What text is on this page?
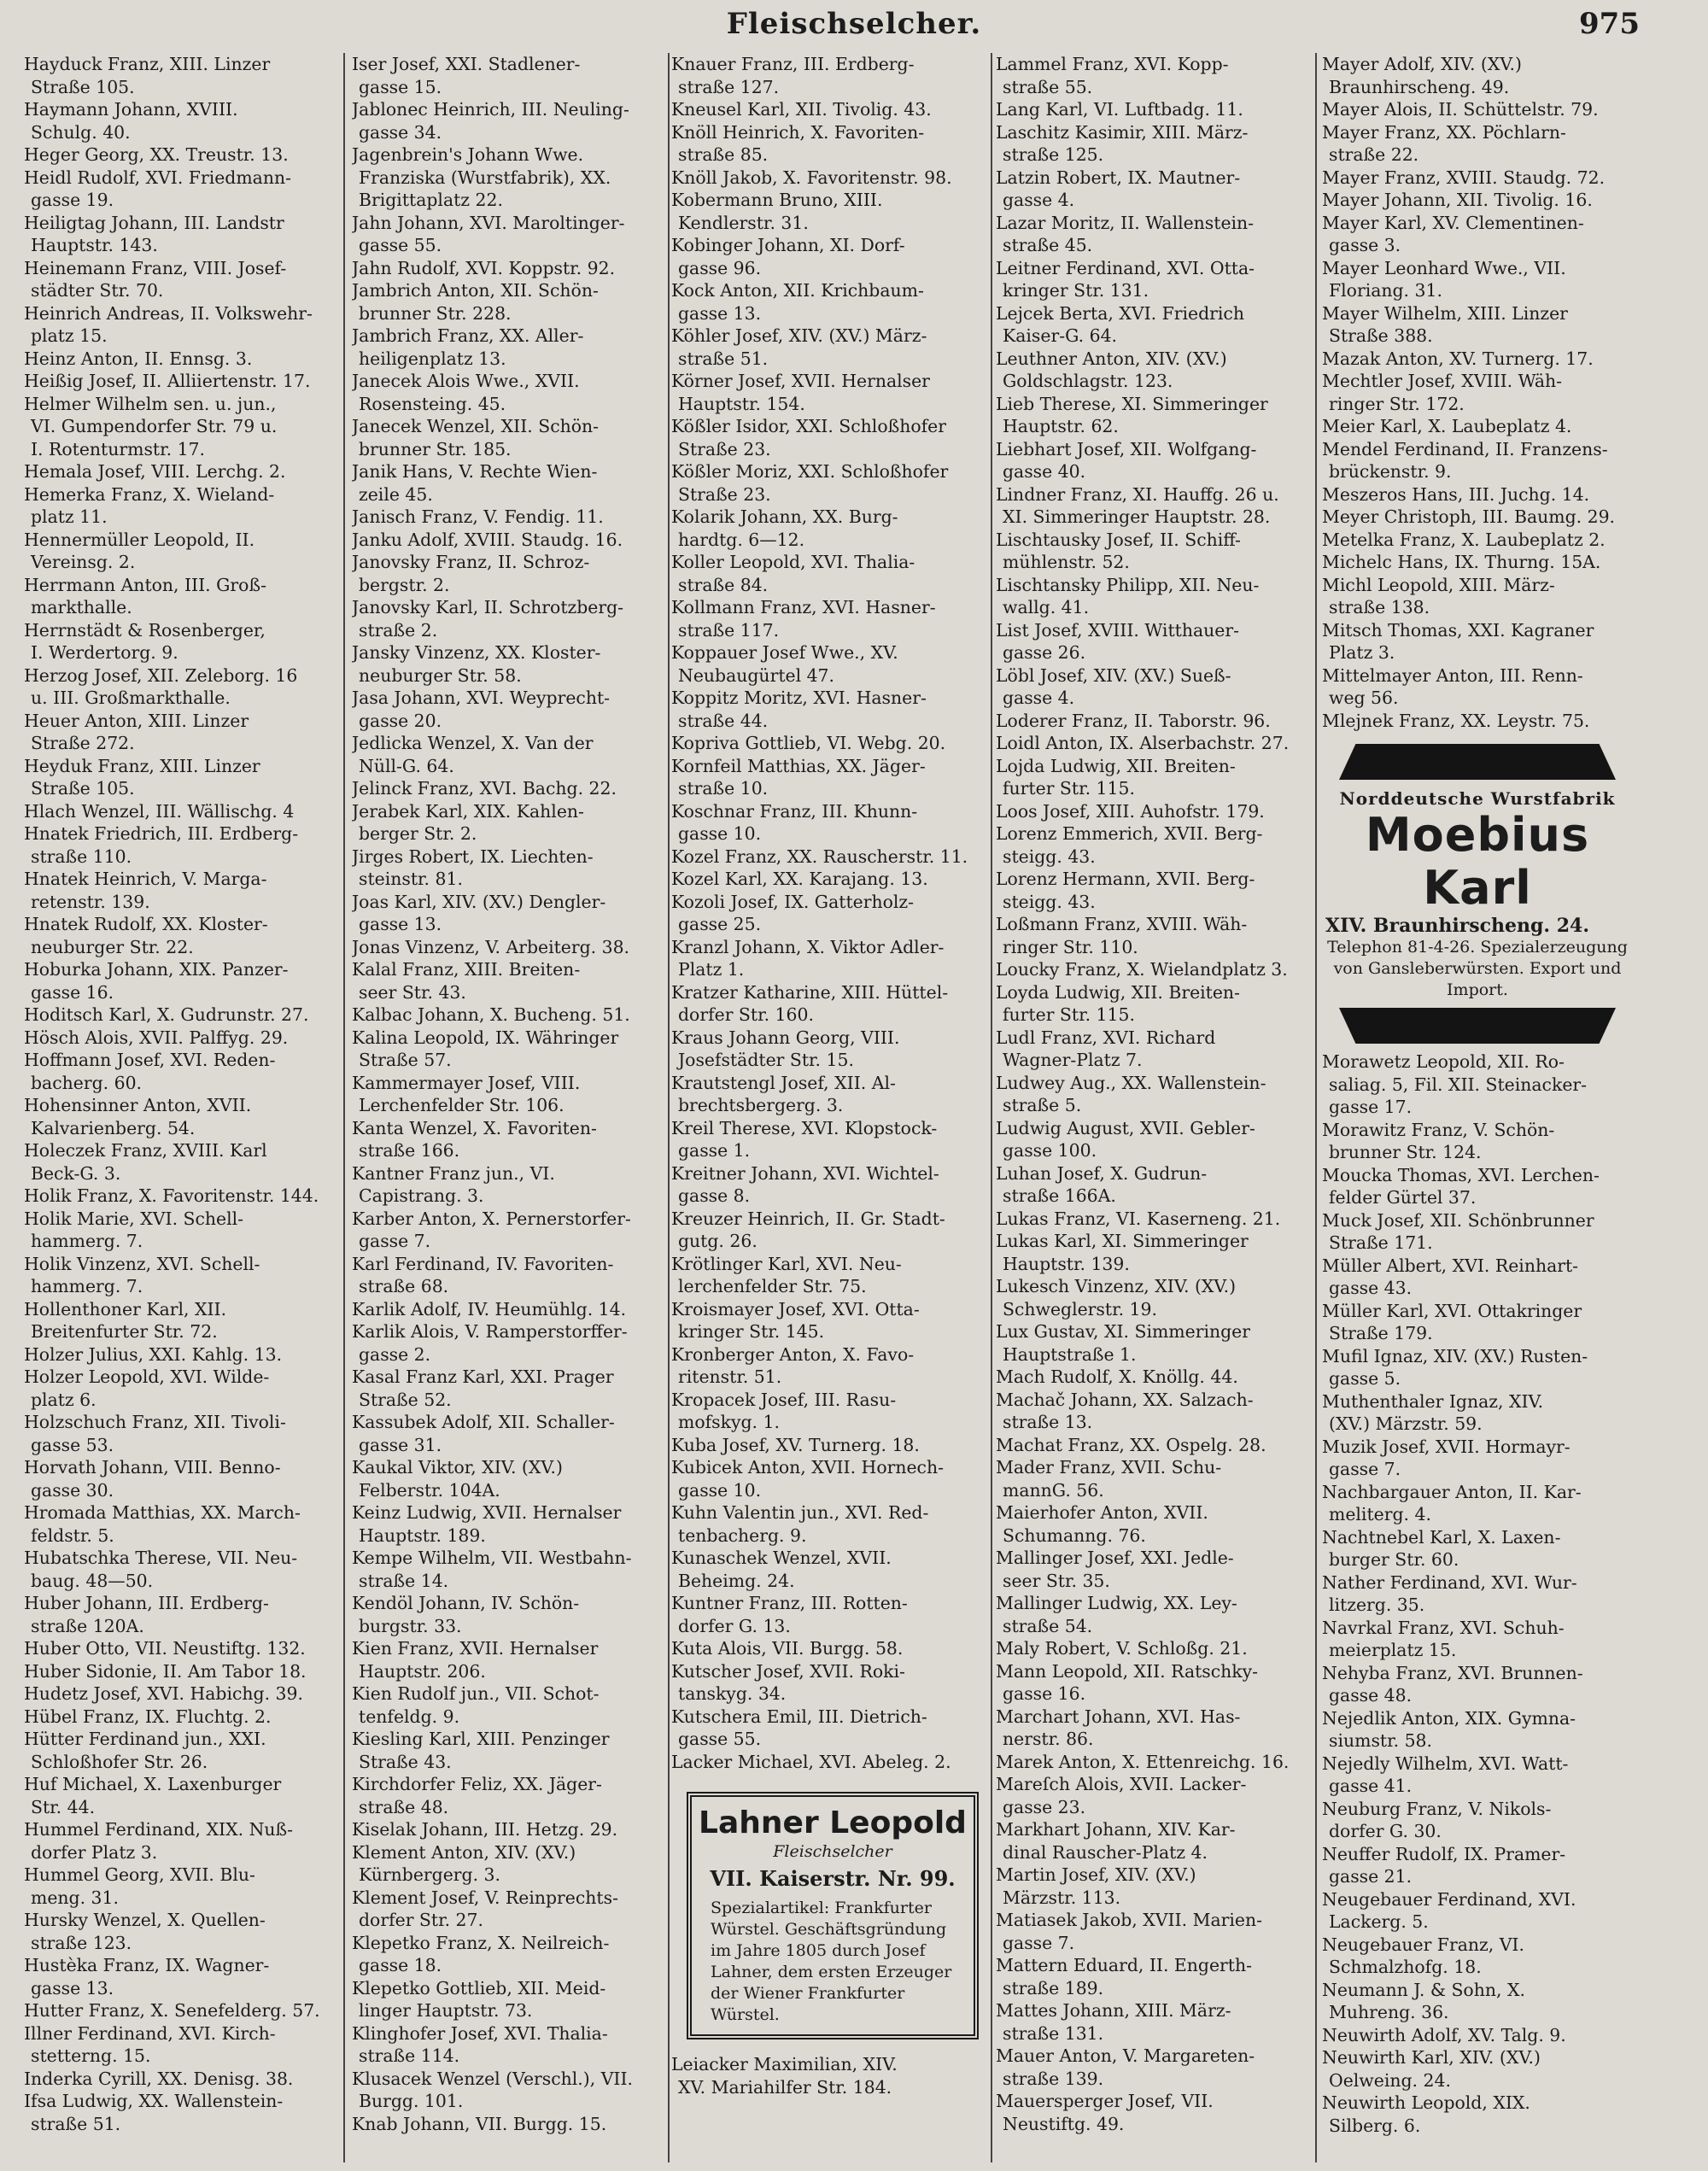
Fleischselcher.	975
Hayduck Franz, XIII. Linzer
Straße 105.
Haymann Johann, XVIII.
Schulg. 40.
Heger Georg, XX. Treustr. 13.
Heidl Rudolf, XVI. Friedmann-
gasse 19.
Heiligtag Johann, III. Landstr
Hauptstr. 143.
Heinemann Franz, VIII. Josef-
städter Str. 70.
Heinrich Andreas, II. Volkswehr-
platz 15.
Heinz Anton, II. Ennsg. 3.
Heißig Josef, II. Alliiertenstr. 17.
Helmer Wilhelm sen. u. jun.,
VI. Gumpendorfer Str. 79 u.
I. Rotenturmstr. 17.
Hemala Josef, VIII. Lerchg. 2.
Hemerka Franz, X. Wieland-
platz 11.
Hennermüller Leopold, II.
Vereinsg. 2.
Herrmann Anton, III. Groß-
markthalle.
Herrnstädt & Rosenberger,
I. Werdertorg. 9.
Herzog Josef, XII. Zeleborg. 16
u. III. Großmarkthalle.
Heuer Anton, XIII. Linzer
Straße 272.
Heyduk Franz, XIII. Linzer
Straße 105.
Hlach Wenzel, III. Wällischg. 4
Hnatek Friedrich, III. Erdberg-
straße 110.
Hnatek Heinrich, V. Marga-
retenstr. 139.
Hnatek Rudolf, XX. Kloster-
neuburger Str. 22.
Hoburka Johann, XIX. Panzer-
gasse 16.
Hoditsch Karl, X. Gudrunstr. 27.
Hösch Alois, XVII. Palffyg. 29.
Hoffmann Josef, XVI. Reden-
bacherg. 60.
Hohensinner Anton, XVII.
Kalvarienberg. 54.
Holeczek Franz, XVIII. Karl
Beck-G. 3.
Holik Franz, X. Favoritenstr. 144.
Holik Marie, XVI. Schell-
hammerg. 7.
Holik Vinzenz, XVI. Schell-
hammerg. 7.
Hollenthoner Karl, XII.
Breitenfurter Str. 72.
Holzer Julius, XXI. Kahlg. 13.
Holzer Leopold, XVI. Wilde-
platz 6.
Holzschuch Franz, XII. Tivoli-
gasse 53.
Horvath Johann, VIII. Benno-
gasse 30.
Hromada Matthias, XX. March-
feldstr. 5.
Hubatschka Therese, VII. Neu-
baug. 48—50.
Huber Johann, III. Erdberg-
straße 120A.
Huber Otto, VII. Neustiftg. 132.
Huber Sidonie, II. Am Tabor 18.
Hudetz Josef, XVI. Habichg. 39.
Hübel Franz, IX. Fluchtg. 2.
Hütter Ferdinand jun., XXI.
Schloßhofer Str. 26.
Huf Michael, X. Laxenburger
Str. 44.
Hummel Ferdinand, XIX. Nuß-
dorfer Platz 3.
Hummel Georg, XVII. Blu-
meng. 31.
Hursky Wenzel, X. Quellen-
straße 123.
Hustèka Franz, IX. Wagner-
gasse 13.
Hutter Franz, X. Senefelderg. 57.
Illner Ferdinand, XVI. Kirch-
stetterng. 15.
Inderka Cyrill, XX. Denisg. 38.
Ifsa Ludwig, XX. Wallenstein-
straße 51.
Iser Josef, XXI. Stadlener-
gasse 15.
Jablonec Heinrich, III. Neuling-
gasse 34.
Jagenbrein's Johann Wwe.
Franziska (Wurstfabrik), XX.
Brigittaplatz 22.
Jahn Johann, XVI. Maroltinger-
gasse 55.
Jahn Rudolf, XVI. Koppstr. 92.
Jambrich Anton, XII. Schön-
brunner Str. 228.
Jambrich Franz, XX. Aller-
heiligenplatz 13.
Janecek Alois Wwe., XVII.
Rosensteing. 45.
Janecek Wenzel, XII. Schön-
brunner Str. 185.
Janik Hans, V. Rechte Wien-
zeile 45.
Janisch Franz, V. Fendig. 11.
Janku Adolf, XVIII. Staudg. 16.
Janovsky Franz, II. Schroz-
bergstr. 2.
Janovsky Karl, II. Schrotzberg-
straße 2.
Jansky Vinzenz, XX. Kloster-
neuburger Str. 58.
Jasa Johann, XVI. Weyprecht-
gasse 20.
Jedlicka Wenzel, X. Van der
Nüll-G. 64.
Jelinck Franz, XVI. Bachg. 22.
Jerabek Karl, XIX. Kahlen-
berger Str. 2.
Jirges Robert, IX. Liechten-
steinstr. 81.
Joas Karl, XIV. (XV.) Dengler-
gasse 13.
Jonas Vinzenz, V. Arbeiterg. 38.
Kalal Franz, XIII. Breiten-
seer Str. 43.
Kalbac Johann, X. Bucheng. 51.
Kalina Leopold, IX. Währinger
Straße 57.
Kammermayer Josef, VIII.
Lerchenfelder Str. 106.
Kanta Wenzel, X. Favoriten-
straße 166.
Kantner Franz jun., VI.
Capistrang. 3.
Karber Anton, X. Pernerstorfer-
gasse 7.
Karl Ferdinand, IV. Favoriten-
straße 68.
Karlik Adolf, IV. Heumühlg. 14.
Karlik Alois, V. Ramperstorffer-
gasse 2.
Kasal Franz Karl, XXI. Prager
Straße 52.
Kassubek Adolf, XII. Schaller-
gasse 31.
Kaukal Viktor, XIV. (XV.)
Felberstr. 104A.
Keinz Ludwig, XVII. Hernalser
Hauptstr. 189.
Kempe Wilhelm, VII. Westbahn-
straße 14.
Kendöl Johann, IV. Schön-
burgstr. 33.
Kien Franz, XVII. Hernalser
Hauptstr. 206.
Kien Rudolf jun., VII. Schot-
tenfeldg. 9.
Kiesling Karl, XIII. Penzinger
Straße 43.
Kirchdorfer Feliz, XX. Jäger-
straße 48.
Kiselak Johann, III. Hetzg. 29.
Klement Anton, XIV. (XV.)
Kürnbergerg. 3.
Klement Josef, V. Reinprechts-
dorfer Str. 27.
Klepetko Franz, X. Neilreich-
gasse 18.
Klepetko Gottlieb, XII. Meid-
linger Hauptstr. 73.
Klinghofer Josef, XVI. Thalia-
straße 114.
Klusacek Wenzel (Verschl.), VII.
Burgg. 101.
Knab Johann, VII. Burgg. 15.
Knauer Franz, III. Erdberg-
straße 127.
Kneusel Karl, XII. Tivolig. 43.
Knöll Heinrich, X. Favoriten-
straße 85.
Knöll Jakob, X. Favoritenstr. 98.
Kobermann Bruno, XIII.
Kendlerstr. 31.
Kobinger Johann, XI. Dorf-
gasse 96.
Kock Anton, XII. Krichbaum-
gasse 13.
Köhler Josef, XIV. (XV.) März-
straße 51.
Körner Josef, XVII. Hernalser
Hauptstr. 154.
Kößler Isidor, XXI. Schloßhofer
Straße 23.
Kößler Moriz, XXI. Schloßhofer
Straße 23.
Kolarik Johann, XX. Burg-
hardtg. 6—12.
Koller Leopold, XVI. Thalia-
straße 84.
Kollmann Franz, XVI. Hasner-
straße 117.
Koppauer Josef Wwe., XV.
Neubaugürtel 47.
Koppitz Moritz, XVI. Hasner-
straße 44.
Kopriva Gottlieb, VI. Webg. 20.
Kornfeil Matthias, XX. Jäger-
straße 10.
Koschnar Franz, III. Khunn-
gasse 10.
Kozel Franz, XX. Rauscherstr. 11.
Kozel Karl, XX. Karajang. 13.
Kozoli Josef, IX. Gatterholz-
gasse 25.
Kranzl Johann, X. Viktor Adler-
Platz 1.
Kratzer Katharine, XIII. Hüttel-
dorfer Str. 160.
Kraus Johann Georg, VIII.
Josefstädter Str. 15.
Krautstengl Josef, XII. Al-
brechtsbergerg. 3.
Kreil Therese, XVI. Klopstock-
gasse 1.
Kreitner Johann, XVI. Wichtel-
gasse 8.
Kreuzer Heinrich, II. Gr. Stadt-
gutg. 26.
Krötlinger Karl, XVI. Neu-
lerchenfelder Str. 75.
Kroismayer Josef, XVI. Otta-
kringer Str. 145.
Kronberger Anton, X. Favo-
ritenstr. 51.
Kropacek Josef, III. Rasu-
mofskyg. 1.
Kuba Josef, XV. Turnerg. 18.
Kubicek Anton, XVII. Hornech-
gasse 10.
Kuhn Valentin jun., XVI. Red-
tenbacherg. 9.
Kunaschek Wenzel, XVII.
Beheimg. 24.
Kuntner Franz, III. Rotten-
dorfer G. 13.
Kuta Alois, VII. Burgg. 58.
Kutscher Josef, XVII. Roki-
tanskyg. 34.
Kutschera Emil, III. Dietrich-
gasse 55.
Lacker Michael, XVI. Abeleg. 2.
Lahner Leopold
Fleischselcher
VII. Kaiserstr. Nr. 99.
Spezialartikel: Frankfurter Würstel. Geschäftsgründung im Jahre 1805 durch Josef Lahner, dem ersten Erzeuger der Wiener Frankfurter Würstel.
Leiacker Maximilian, XIV.
XV. Mariahilfer Str. 184.
Lammel Franz, XVI. Kopp-
straße 55.
Lang Karl, VI. Luftbadg. 11.
Laschitz Kasimir, XIII. März-
straße 125.
Latzin Robert, IX. Mautner-
gasse 4.
Lazar Moritz, II. Wallenstein-
straße 45.
Leitner Ferdinand, XVI. Otta-
kringer Str. 131.
Lejcek Berta, XVI. Friedrich
Kaiser-G. 64.
Leuthner Anton, XIV. (XV.)
Goldschlagstr. 123.
Lieb Therese, XI. Simmeringer
Hauptstr. 62.
Liebhart Josef, XII. Wolfgang-
gasse 40.
Lindner Franz, XI. Hauffg. 26 u.
XI. Simmeringer Hauptstr. 28.
Lischtausky Josef, II. Schiff-
mühlenstr. 52.
Lischtansky Philipp, XII. Neu-
wallg. 41.
List Josef, XVIII. Witthauer-
gasse 26.
Löbl Josef, XIV. (XV.) Sueß-
gasse 4.
Loderer Franz, II. Taborstr. 96.
Loidl Anton, IX. Alserbachstr. 27.
Lojda Ludwig, XII. Breiten-
furter Str. 115.
Loos Josef, XIII. Auhofstr. 179.
Lorenz Emmerich, XVII. Berg-
steigg. 43.
Lorenz Hermann, XVII. Berg-
steigg. 43.
Loßmann Franz, XVIII. Wäh-
ringer Str. 110.
Loucky Franz, X. Wielandplatz 3.
Loyda Ludwig, XII. Breiten-
furter Str. 115.
Ludl Franz, XVI. Richard
Wagner-Platz 7.
Ludwey Aug., XX. Wallenstein-
straße 5.
Ludwig August, XVII. Gebler-
gasse 100.
Luhan Josef, X. Gudrun-
straße 166A.
Lukas Franz, VI. Kaserneng. 21.
Lukas Karl, XI. Simmeringer
Hauptstr. 139.
Lukesch Vinzenz, XIV. (XV.)
Schweglerstr. 19.
Lux Gustav, XI. Simmeringer
Hauptstraße 1.
Mach Rudolf, X. Knöllg. 44.
Machač Johann, XX. Salzach-
straße 13.
Machat Franz, XX. Ospelg. 28.
Mader Franz, XVII. Schu-
mannG. 56.
Maierhofer Anton, XVII.
Schumanng. 76.
Mallinger Josef, XXI. Jedle-
seer Str. 35.
Mallinger Ludwig, XX. Ley-
straße 54.
Maly Robert, V. Schloßg. 21.
Mann Leopold, XII. Ratschky-
gasse 16.
Marchart Johann, XVI. Has-
nerstr. 86.
Marek Anton, X. Ettenreichg. 16.
Mareſch Alois, XVII. Lacker-
gasse 23.
Markhart Johann, XIV. Kar-
dinal Rauscher-Platz 4.
Martin Josef, XIV. (XV.)
Märzstr. 113.
Matiasek Jakob, XVII. Marien-
gasse 7.
Mattern Eduard, II. Engerth-
straße 189.
Mattes Johann, XIII. März-
straße 131.
Mauer Anton, V. Margareten-
straße 139.
Mauersperger Josef, VII.
Neustiftg. 49.
Mayer Adolf, XIV. (XV.)
Braunhirscheng. 49.
Mayer Alois, II. Schüttelstr. 79.
Mayer Franz, XX. Pöchlarn-
straße 22.
Mayer Franz, XVIII. Staudg. 72.
Mayer Johann, XII. Tivolig. 16.
Mayer Karl, XV. Clementinen-
gasse 3.
Mayer Leonhard Wwe., VII.
Floriang. 31.
Mayer Wilhelm, XIII. Linzer
Straße 388.
Mazak Anton, XV. Turnerg. 17.
Mechtler Josef, XVIII. Wäh-
ringer Str. 172.
Meier Karl, X. Laubeplatz 4.
Mendel Ferdinand, II. Franzens-
brückenstr. 9.
Meszeros Hans, III. Juchg. 14.
Meyer Christoph, III. Baumg. 29.
Metelka Franz, X. Laubeplatz 2.
Michelc Hans, IX. Thurng. 15A.
Michl Leopold, XIII. März-
straße 138.
Mitsch Thomas, XXI. Kagraner
Platz 3.
Mittelmayer Anton, III. Renn-
weg 56.
Mlejnek Franz, XX. Leystr. 75.
Norddeutsche Wurstfabrik
Moebius Karl
XIV. Braunhirscheng. 24.
Telephon 81-4-26. Spezialerzeugung von Gansleberwürsten. Export und Import.
Morawetz Leopold, XII. Ro-
saliag. 5, Fil. XII. Steinacker-
gasse 17.
Morawitz Franz, V. Schön-
brunner Str. 124.
Moucka Thomas, XVI. Lerchen-
felder Gürtel 37.
Muck Josef, XII. Schönbrunner
Straße 171.
Müller Albert, XVI. Reinhart-
gasse 43.
Müller Karl, XVI. Ottakringer
Straße 179.
Mufil Ignaz, XIV. (XV.) Rusten-
gasse 5.
Muthenthaler Ignaz, XIV.
(XV.) Märzstr. 59.
Muzik Josef, XVII. Hormayr-
gasse 7.
Nachbargauer Anton, II. Kar-
meliterg. 4.
Nachtnebel Karl, X. Laxen-
burger Str. 60.
Nather Ferdinand, XVI. Wur-
litzerg. 35.
Navrkal Franz, XVI. Schuh-
meierplatz 15.
Nehyba Franz, XVI. Brunnen-
gasse 48.
Nejedlik Anton, XIX. Gymna-
siumstr. 58.
Nejedly Wilhelm, XVI. Watt-
gasse 41.
Neuburg Franz, V. Nikols-
dorfer G. 30.
Neuffer Rudolf, IX. Pramer-
gasse 21.
Neugebauer Ferdinand, XVI.
Lackerg. 5.
Neugebauer Franz, VI.
Schmalzhofg. 18.
Neumann J. & Sohn, X.
Muhreng. 36.
Neuwirth Adolf, XV. Talg. 9.
Neuwirth Karl, XIV. (XV.)
Oelweing. 24.
Neuwirth Leopold, XIX.
Silberg. 6.
